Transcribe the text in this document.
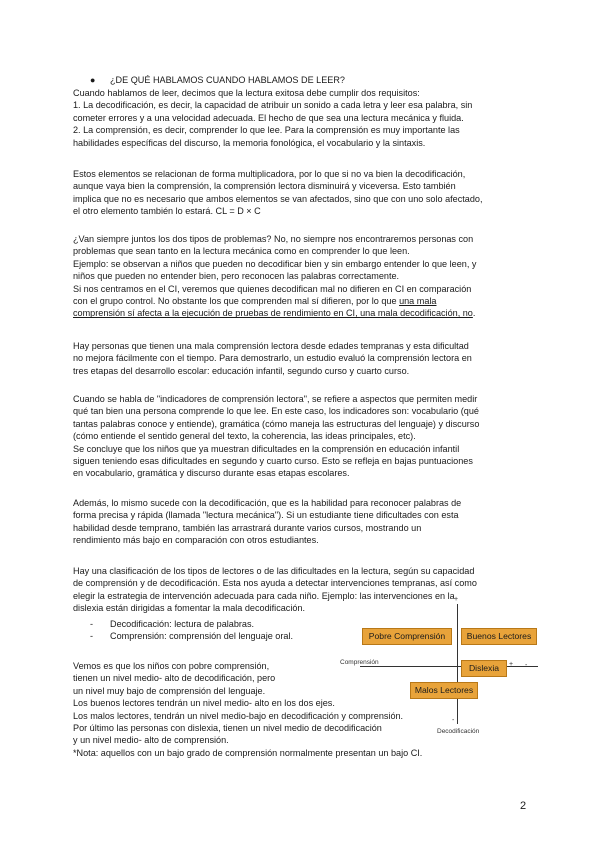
● ¿DE QUÉ HABLAMOS CUANDO HABLAMOS DE LEER?
Cuando hablamos de leer, decimos que la lectura exitosa debe cumplir dos requisitos:
1. La decodificación, es decir, la capacidad de atribuir un sonido a cada letra y leer esa palabra, sin
cometer errores y a una velocidad adecuada. El hecho de que sea una lectura mecánica y fluida.
2. La comprensión, es decir, comprender lo que lee. Para la comprensión es muy importante las
habilidades específicas del discurso, la memoria fonológica, el vocabulario y la sintaxis.
Estos elementos se relacionan de forma multiplicadora, por lo que si no va bien la decodificación,
aunque vaya bien la comprensión, la comprensión lectora disminuirá y viceversa. Esto también
implica que no es necesario que ambos elementos se van afectados, sino que con uno solo afectado,
el otro elemento también lo estará. CL = D × C
¿Van siempre juntos los dos tipos de problemas? No, no siempre nos encontraremos personas con
problemas que sean tanto en la lectura mecánica como en comprender lo que leen.
Ejemplo: se observan a niños que pueden no decodificar bien y sin embargo entender lo que leen, y
niños que pueden no entender bien, pero reconocen las palabras correctamente.
Si nos centramos en el CI, veremos que quienes decodifican mal no difieren en CI en comparación
con el grupo control. No obstante los que comprenden mal sí difieren, por lo que una mala
comprensión sí afecta a la ejecución de pruebas de rendimiento en CI, una mala decodificación, no.
Hay personas que tienen una mala comprensión lectora desde edades tempranas y esta dificultad
no mejora fácilmente con el tiempo. Para demostrarlo, un estudio evaluó la comprensión lectora en
tres etapas del desarrollo escolar: educación infantil, segundo curso y cuarto curso.
Cuando se habla de "indicadores de comprensión lectora", se refiere a aspectos que permiten medir
qué tan bien una persona comprende lo que lee. En este caso, los indicadores son: vocabulario (qué
tantas palabras conoce y entiende), gramática (cómo maneja las estructuras del lenguaje) y discurso
(cómo entiende el sentido general del texto, la coherencia, las ideas principales, etc).
Se concluye que los niños que ya muestran dificultades en la comprensión en educación infantil
siguen teniendo esas dificultades en segundo y cuarto curso. Esto se refleja en bajas puntuaciones
en vocabulario, gramática y discurso durante esas etapas escolares.
Además, lo mismo sucede con la decodificación, que es la habilidad para reconocer palabras de
forma precisa y rápida (llamada "lectura mecánica"). Si un estudiante tiene dificultades con esta
habilidad desde temprano, también las arrastrará durante varios cursos, mostrando un
rendimiento más bajo en comparación con otros estudiantes.
Hay una clasificación de los tipos de lectores o de las dificultades en la lectura, según su capacidad
de comprensión y de decodificación. Esta nos ayuda a detectar intervenciones tempranas, así como
elegir la estrategia de intervención adecuada para cada niño. Ejemplo: las intervenciones en la
dislexia están dirigidas a fomentar la mala decodificación.
- Decodificación: lectura de palabras.
- Comprensión: comprensión del lenguaje oral.
Vemos es que los niños con pobre comprensión,
tienen un nivel medio- alto de decodificación, pero
un nivel muy bajo de comprensión del lenguaje.
Los buenos lectores tendrán un nivel medio- alto en los dos ejes.
Los malos lectores, tendrán un nivel medio-bajo en decodificación y comprensión.
Por último las personas con dislexia, tienen un nivel medio de decodificación
y un nivel medio- alto de comprensión.
*Nota: aquellos con un bajo grado de comprensión normalmente presentan un bajo CI.
+
-
-
+
Comprensión
Decodificación
Pobre Comprensión	Buenos Lectores
Dislexia
Malos Lectores
2
